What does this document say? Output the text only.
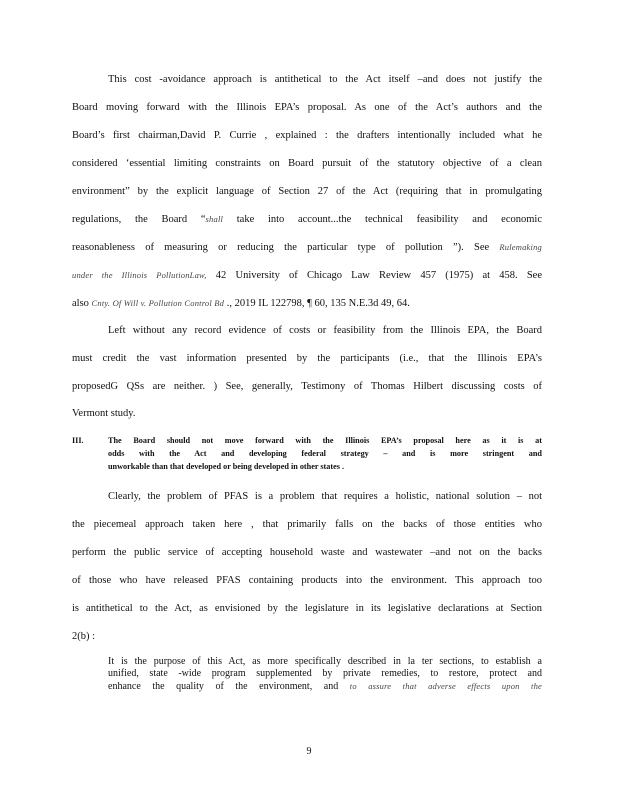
This cost -avoidance approach is antithetical to the Act itself –and does not justify the
Board moving forward with the Illinois EPA’s proposal. As one of the Act’s authors and the
Board’s first chairman,David P. Currie , explained : the drafters intentionally included what he
considered ‘essential limiting constraints on Board pursuit of the statutory objective of a clean
environment” by the explicit language of Section 27 of the Act (requiring that in promulgating
regulations, the Board “shall take into account...the technical feasibility and economic
reasonableness of measuring or reducing the particular type of pollution ”). See Rulemaking
under the Illinois PollutionLaw, 42 University of Chicago Law Review 457 (1975) at 458. See
also Cnty. Of Will v. Pollution Control Bd ., 2019 IL 122798, ¶ 60, 135 N.E.3d 49, 64.
Left without any record evidence of costs or feasibility from the Illinois EPA, the Board
must credit the vast information presented by the participants (i.e., that the Illinois EPA’s
proposedG QSs are neither. ) See, generally, Testimony of Thomas Hilbert discussing costs of
Vermont study.
III.	The Board should not move forward with the Illinois EPA’s proposal here as it is at
odds with the Act and developing federal strategy – and is more stringent and
unworkable than that developed or being developed in other states .
Clearly, the problem of PFAS is a problem that requires a holistic, national solution – not
the piecemeal approach taken here , that primarily falls on the backs of those entities who
perform the public service of accepting household waste and wastewater –and not on the backs
of those who have released PFAS containing products into the environment. This approach too
is antithetical to the Act, as envisioned by the legislature in its legislative declarations at Section
2(b) :
It is the purpose of this Act, as more specifically described in la ter sections, to establish a
unified, state -wide program supplemented by private remedies, to restore, protect and
enhance the quality of the environment, and to assure that adverse effects upon the
9
